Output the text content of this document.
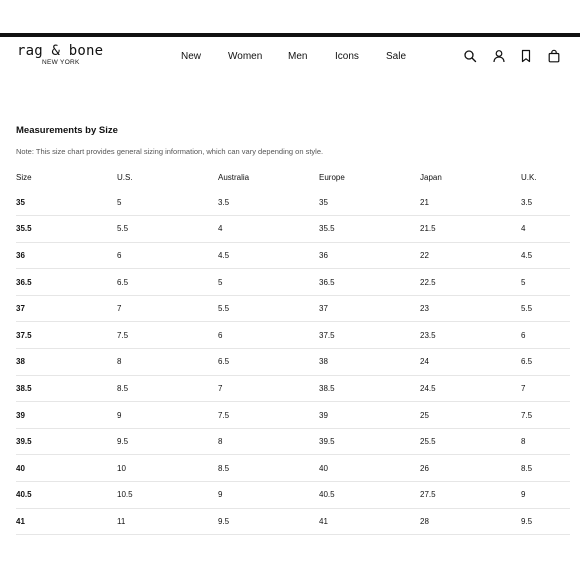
rag & bone
NEW YORK
New	Women	Men	Icons	Sale
Measurements by Size
Note: This size chart provides general sizing information, which can vary depending on style.
Size	U.S.	Australia	Europe	Japan	U.K.
35	5	3.5	35	21	3.5
35.5	5.5	4	35.5	21.5	4
36	6	4.5	36	22	4.5
36.5	6.5	5	36.5	22.5	5
37	7	5.5	37	23	5.5
37.5	7.5	6	37.5	23.5	6
38	8	6.5	38	24	6.5
38.5	8.5	7	38.5	24.5	7
39	9	7.5	39	25	7.5
39.5	9.5	8	39.5	25.5	8
40	10	8.5	40	26	8.5
40.5	10.5	9	40.5	27.5	9
41	11	9.5	41	28	9.5
